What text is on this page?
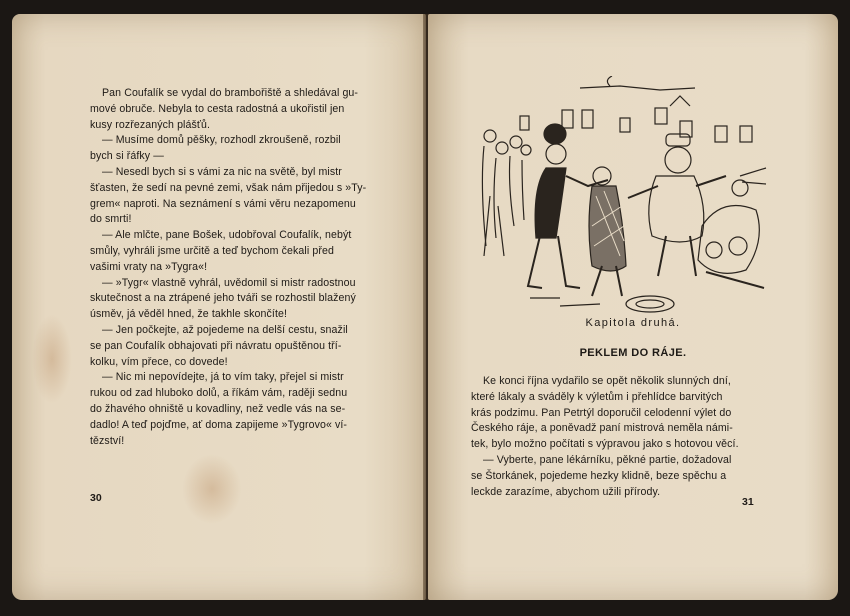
Pan Coufalík se vydal do brambořiště a shledával gu-

mové obruče. Nebyla to cesta radostná a ukořistil jen

kusy rozřezaných plášťů.

— Musíme domů pěšky, rozhodl zkroušeně, rozbil

bych si řáfky —

— Nesedl bych si s vámi za nic na světě, byl mistr

šťasten, že sedí na pevné zemi, však nám přijedou s »Ty-

grem« naproti. Na seznámení s vámi věru nezapomenu

do smrti!

— Ale mlčte, pane Bošek, udobřoval Coufalík, nebýt

smůly, vyhráli jsme určitě a teď bychom čekali před

vašimi vraty na »Tygra«!

— »Tygr« vlastně vyhrál, uvědomil si mistr radostnou

skutečnost a na ztrápené jeho tváři se rozhostil blažený

úsměv, já věděl hned, že takhle skončíte!

— Jen počkejte, až pojedeme na delší cestu, snažil

se pan Coufalík obhajovati při návratu opuštěnou tří-

kolku, vím přece, co dovede!

— Nic mi nepovídejte, já to vím taky, přejel si mistr

rukou od zad hluboko dolů, a říkám vám, raději sednu

do žhavého ohniště u kovadliny, než vedle vás na se-

dadlo! A teď pojďme, ať doma zapijeme »Tygrovo« ví-

tězství!

30
Kapitola druhá.
PEKLEM DO RÁJE.

Ke konci října vydařilo se opět několik slunných dní,

které lákaly a sváděly k výletům i přehlídce barvitých

krás podzimu. Pan Petrtýl doporučil celodenní výlet do

Českého ráje, a poněvadž paní mistrová neměla námi-

tek, bylo možno počítati s výpravou jako s hotovou věcí.

— Vyberte, pane lékárníku, pěkné partie, dožadoval

se Štorkánek, pojedeme hezky klidně, beze spěchu a

leckde zarazíme, abychom užili přírody.

31
